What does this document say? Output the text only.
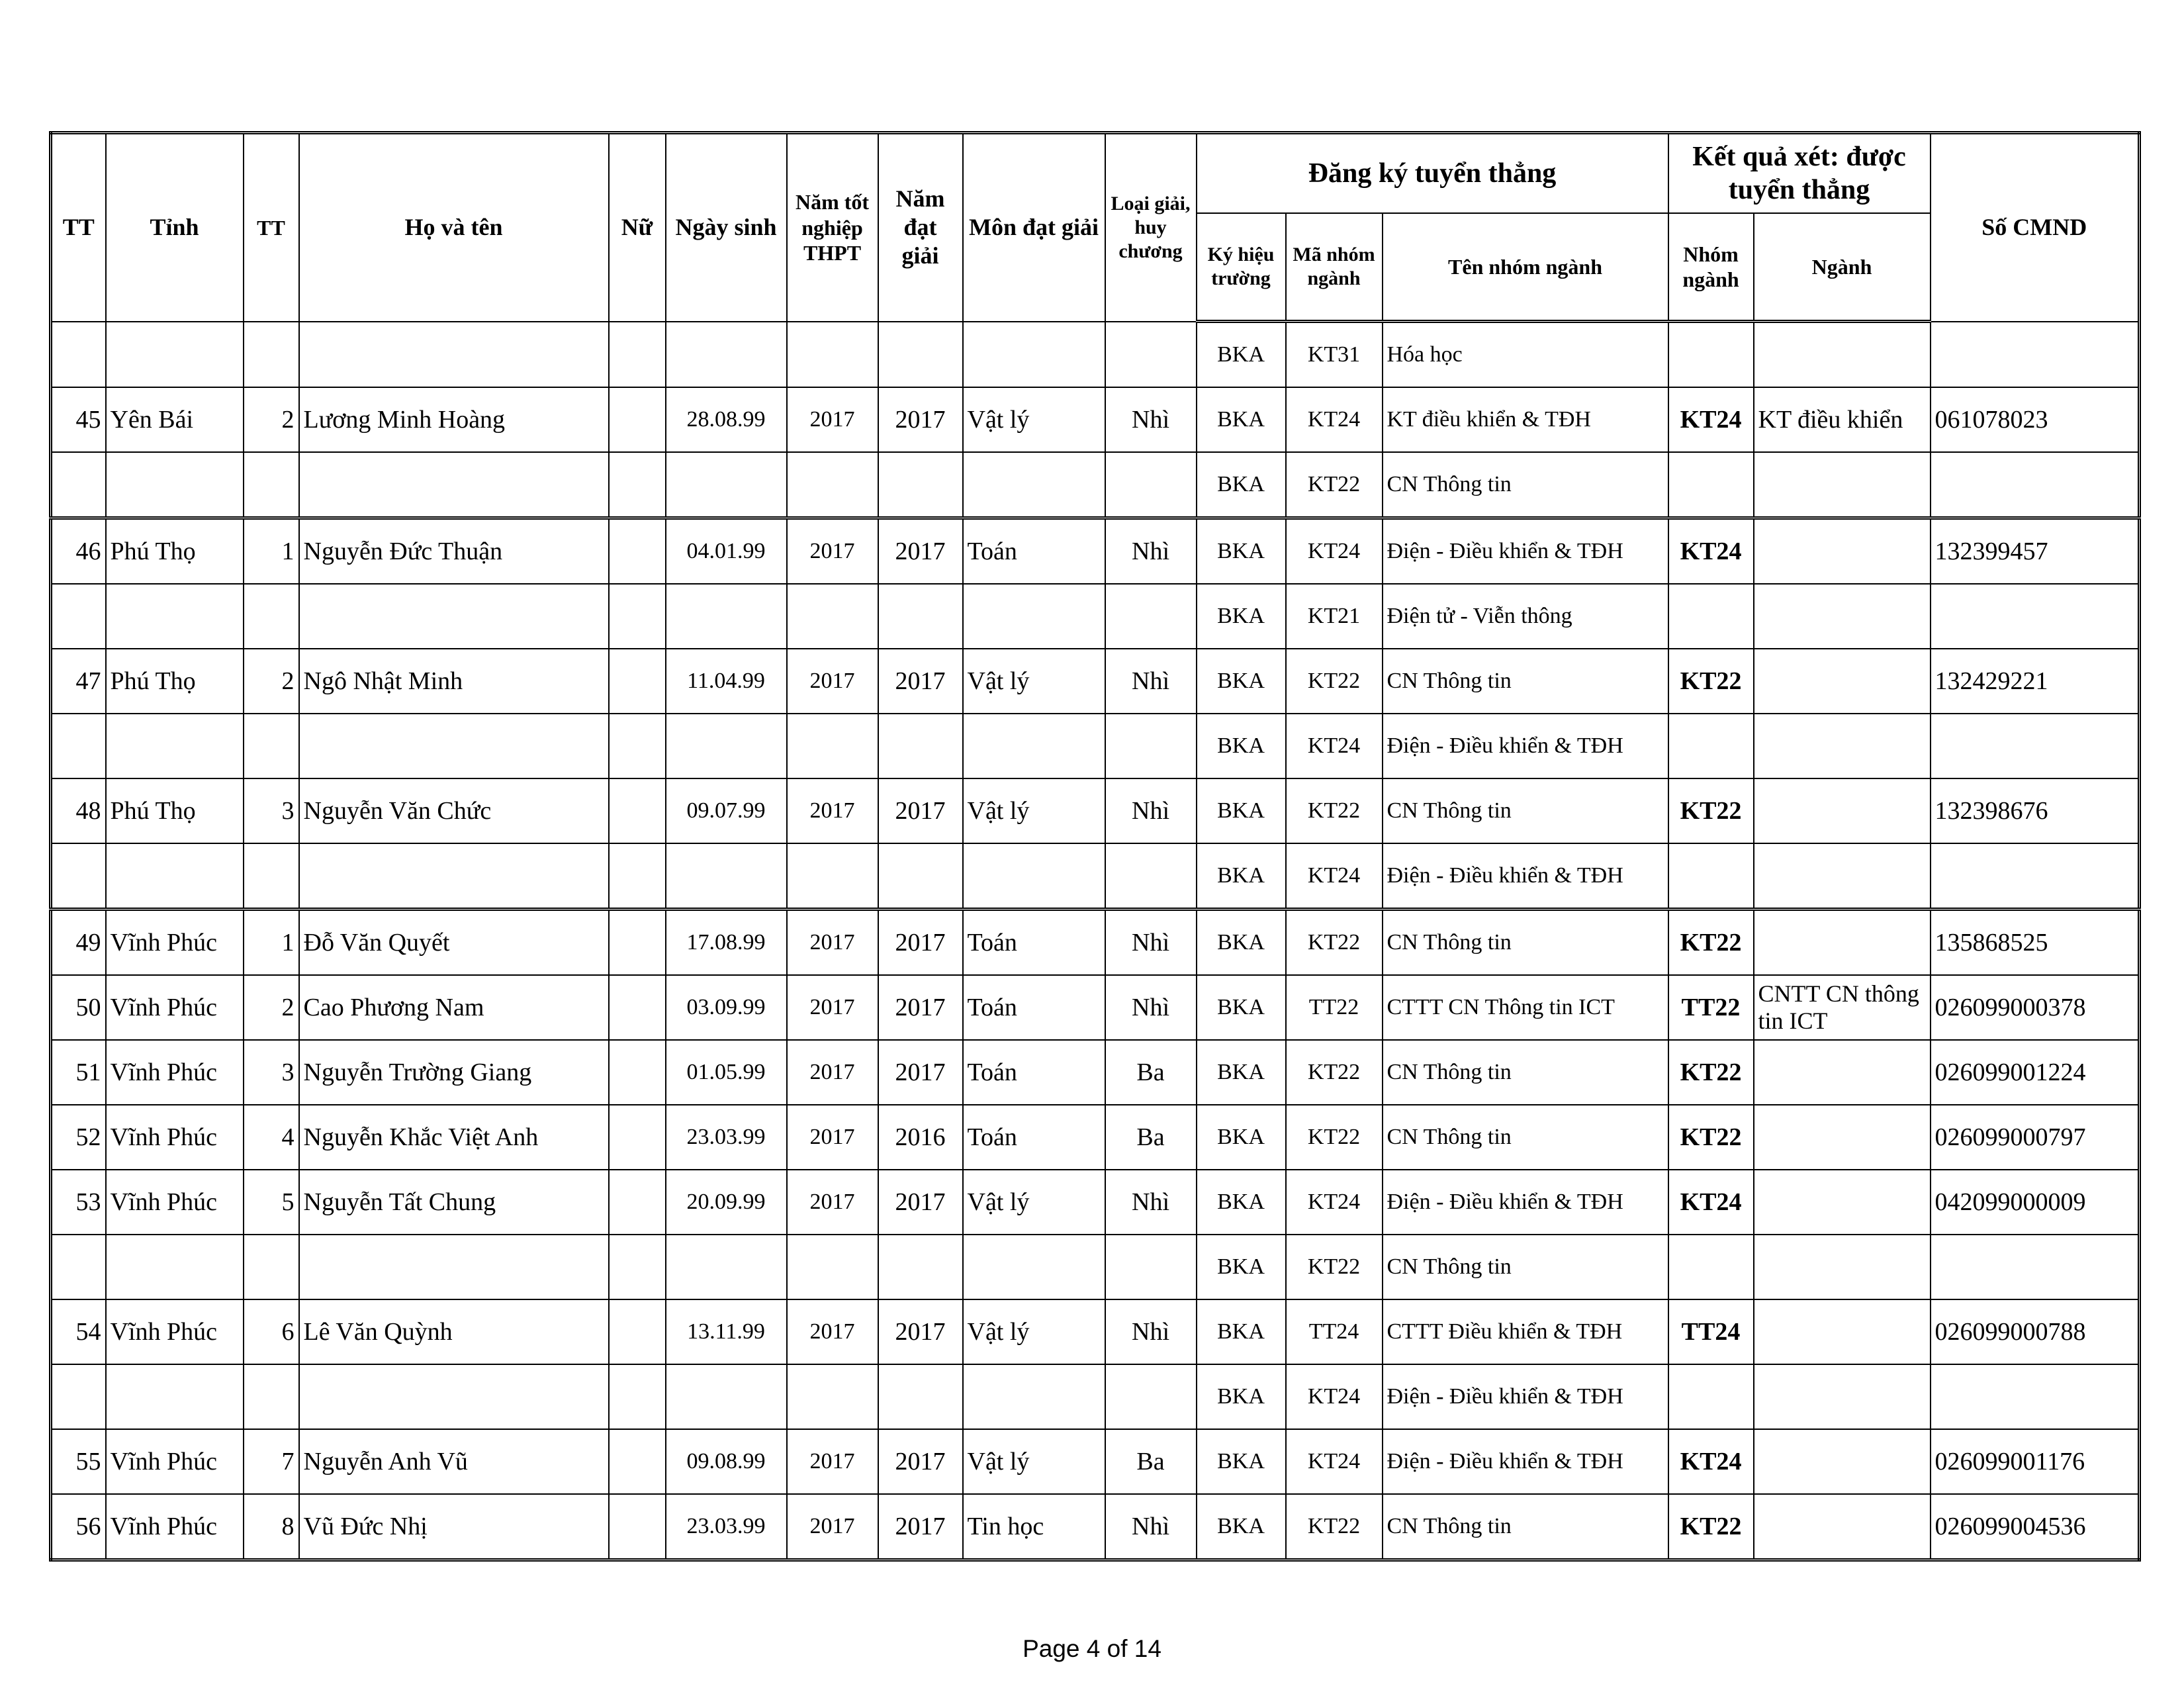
TT	Tỉnh	TT	Họ và tên	Nữ	Ngày sinh	Năm tốt nghiệp THPT	Năm đạt giải	Môn đạt giải	Loại giải, huy chương	Đăng ký tuyển thẳng			Kết quả xét: được tuyển thẳng		Số CMND
										Ký hiệu trường	Mã nhóm ngành	Tên nhóm ngành	Nhóm ngành	Ngành	
										BKA	KT31	Hóa học			
45	Yên Bái	2	Lương Minh Hoàng		28.08.99	2017	2017	Vật lý	Nhì	BKA	KT24	KT điều khiển & TĐH	KT24	KT điều khiển	061078023
										BKA	KT22	CN Thông tin			
46	Phú Thọ	1	Nguyễn Đức Thuận		04.01.99	2017	2017	Toán	Nhì	BKA	KT24	Điện - Điều khiển & TĐH	KT24		132399457
										BKA	KT21	Điện tử - Viễn thông			
47	Phú Thọ	2	Ngô Nhật Minh		11.04.99	2017	2017	Vật lý	Nhì	BKA	KT22	CN Thông tin	KT22		132429221
										BKA	KT24	Điện - Điều khiển & TĐH			
48	Phú Thọ	3	Nguyễn Văn Chức		09.07.99	2017	2017	Vật lý	Nhì	BKA	KT22	CN Thông tin	KT22		132398676
										BKA	KT24	Điện - Điều khiển & TĐH			
49	Vĩnh Phúc	1	Đỗ Văn Quyết		17.08.99	2017	2017	Toán	Nhì	BKA	KT22	CN Thông tin	KT22		135868525
50	Vĩnh Phúc	2	Cao Phương Nam		03.09.99	2017	2017	Toán	Nhì	BKA	TT22	CTTT CN Thông tin ICT	TT22	CNTT CN thông tin ICT	026099000378
51	Vĩnh Phúc	3	Nguyễn Trường Giang		01.05.99	2017	2017	Toán	Ba	BKA	KT22	CN Thông tin	KT22		026099001224
52	Vĩnh Phúc	4	Nguyễn Khắc Việt Anh		23.03.99	2017	2016	Toán	Ba	BKA	KT22	CN Thông tin	KT22		026099000797
53	Vĩnh Phúc	5	Nguyễn Tất Chung		20.09.99	2017	2017	Vật lý	Nhì	BKA	KT24	Điện - Điều khiển & TĐH	KT24		042099000009
										BKA	KT22	CN Thông tin			
54	Vĩnh Phúc	6	Lê Văn Quỳnh		13.11.99	2017	2017	Vật lý	Nhì	BKA	TT24	CTTT Điều khiển & TĐH	TT24		026099000788
										BKA	KT24	Điện - Điều khiển & TĐH			
55	Vĩnh Phúc	7	Nguyễn Anh Vũ		09.08.99	2017	2017	Vật lý	Ba	BKA	KT24	Điện - Điều khiển & TĐH	KT24		026099001176
56	Vĩnh Phúc	8	Vũ Đức Nhị		23.03.99	2017	2017	Tin học	Nhì	BKA	KT22	CN Thông tin	KT22		026099004536
Page 4 of 14
